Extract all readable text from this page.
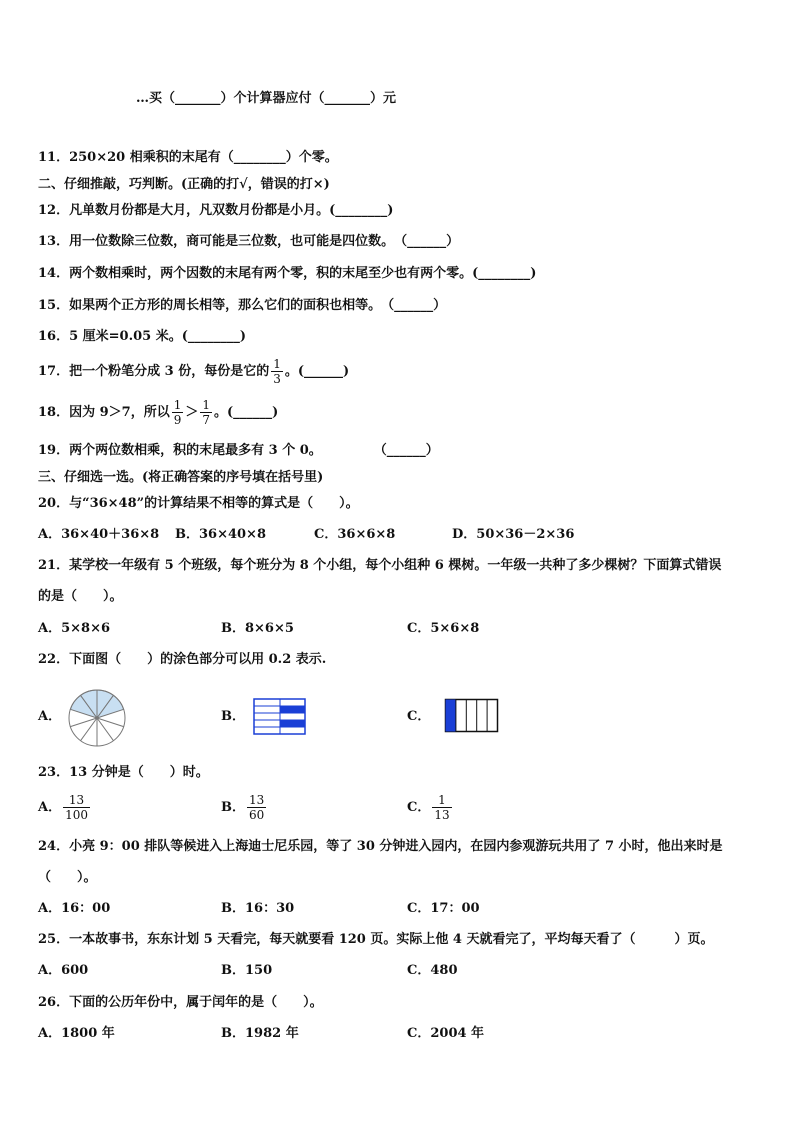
…买（_______）个计算器应付（_______）元
11．250×20 相乘积的末尾有（________）个零。
二、仔细推敲，巧判断。(正确的打√，错误的打×)
12．凡单数月份都是大月，凡双数月份都是小月。(________)
13．用一位数除三位数，商可能是三位数，也可能是四位数。　（______）
14．两个数相乘时，两个因数的末尾有两个零，积的末尾至少也有两个零。(________)
15．如果两个正方形的周长相等，那么它们的面积也相等。　（______）
16．5 厘米=0.05 米。(________)
17．把一个粉笔分成 3 份，每份是它的 $\frac{1}{3}$ 。(______)
18．因为 9＞7，所以 $\frac{1}{9} > \frac{1}{7}$ 。(______)
19．两个两位数相乘，积的末尾最多有 3 个 0。　　　　　（______）
三、仔细选一选。(将正确答案的序号填在括号里)
20．与“36×48”的计算结果不相等的算式是（　　）。
A．36×40＋36×8 B．36×40×8	C．36×6×8	D．50×36－2×36
21．某学校一年级有 5 个班级，每个班分为 8 个小组，每个小组种 6 棵树。一年级一共种了多少棵树？下面算式错误
的是（　　）。
A．5×8×6	B．8×6×5	C．5×6×8
22．下面图（　　）的涂色部分可以用 0.2 表示.
A．	B．	C．
23．13 分钟是（　　）时。
A． $\frac{13}{100}$	B． $\frac{13}{60}$	C． $\frac{1}{13}$
24．小亮 9：00 排队等候进入上海迪士尼乐园，等了 30 分钟进入园内，在园内参观游玩共用了 7 小时，他出来时是
（　　）。
A．16：00	B．16：30	C．17：00
25．一本故事书，东东计划 5 天看完，每天就要看 120 页。实际上他 4 天就看完了，平均每天看了（　　　）页。
A．600	B．150	C．480
26．下面的公历年份中，属于闰年的是（　　）。
A．1800 年	B．1982 年	C．2004 年
